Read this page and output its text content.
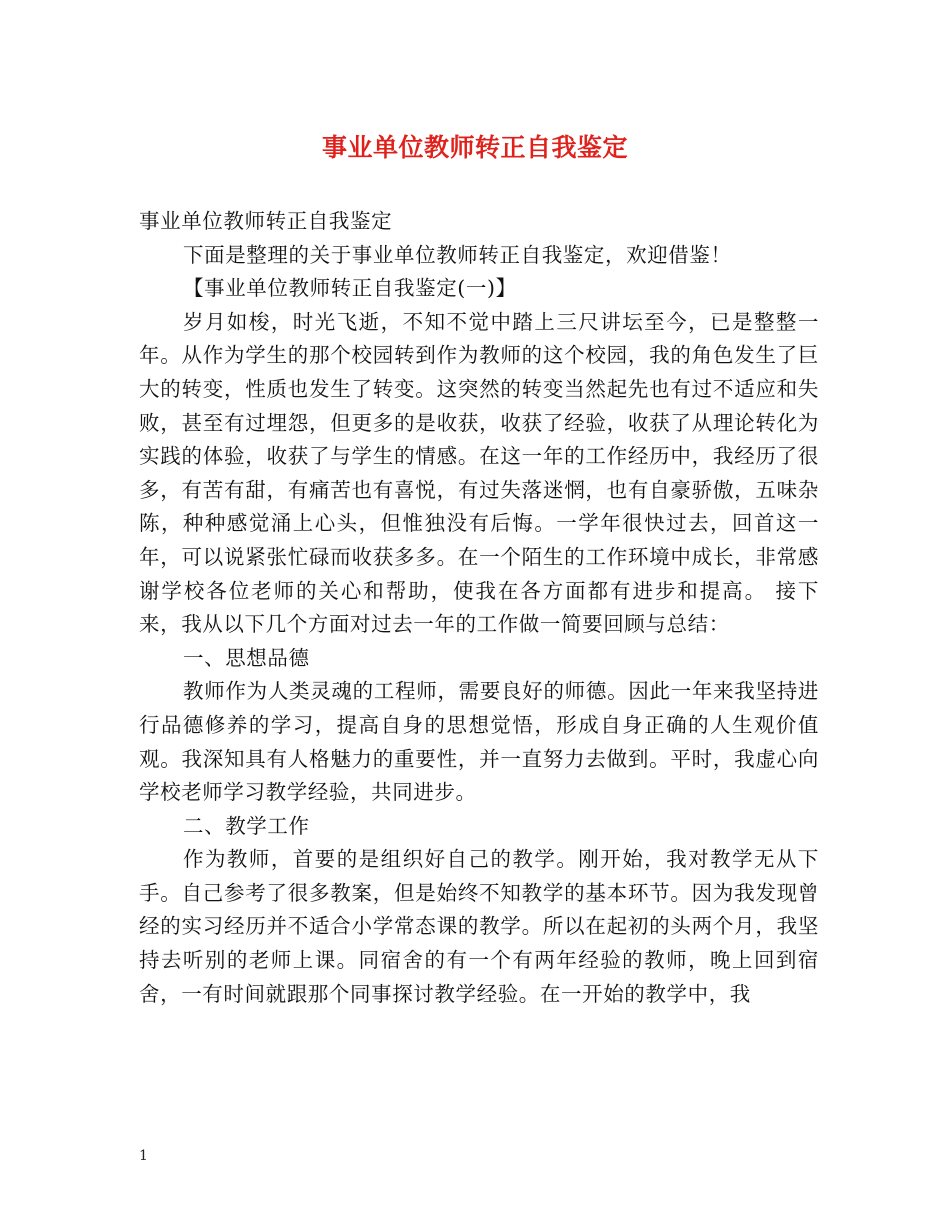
事业单位教师转正自我鉴定

事业单位教师转正自我鉴定

下面是整理的关于事业单位教师转正自我鉴定，欢迎借鉴！

【事业单位教师转正自我鉴定(一)】

岁月如梭，时光飞逝，不知不觉中踏上三尺讲坛至今，已是整整一年。从作为学生的那个校园转到作为教师的这个校园，我的角色发生了巨大的转变，性质也发生了转变。这突然的转变当然起先也有过不适应和失败，甚至有过埋怨，但更多的是收获，收获了经验，收获了从理论转化为实践的体验，收获了与学生的情感。在这一年的工作经历中，我经历了很多，有苦有甜，有痛苦也有喜悦，有过失落迷惘，也有自豪骄傲，五味杂陈，种种感觉涌上心头，但惟独没有后悔。一学年很快过去，回首这一年，可以说紧张忙碌而收获多多。在一个陌生的工作环境中成长，非常感谢学校各位老师的关心和帮助，使我在各方面都有进步和提高。 接下来，我从以下几个方面对过去一年的工作做一简要回顾与总结：

一、思想品德

教师作为人类灵魂的工程师，需要良好的师德。因此一年来我坚持进行品德修养的学习，提高自身的思想觉悟，形成自身正确的人生观价值观。我深知具有人格魅力的重要性，并一直努力去做到。平时，我虚心向学校老师学习教学经验，共同进步。

二、教学工作

作为教师，首要的是组织好自己的教学。刚开始，我对教学无从下手。自己参考了很多教案，但是始终不知教学的基本环节。因为我发现曾经的实习经历并不适合小学常态课的教学。所以在起初的头两个月，我坚持去听别的老师上课。同宿舍的有一个有两年经验的教师，晚上回到宿舍，一有时间就跟那个同事探讨教学经验。在一开始的教学中，我

1
